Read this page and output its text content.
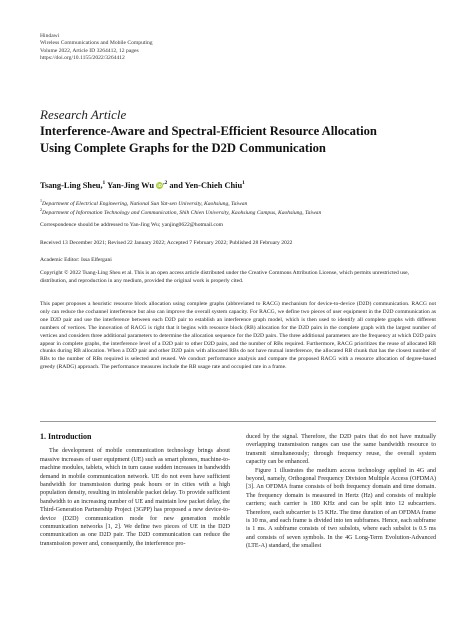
Hindawi
Wireless Communications and Mobile Computing
Volume 2022, Article ID 3264412, 12 pages
https://doi.org/10.1155/2022/3264412
Research Article
Interference-Aware and Spectral-Efficient Resource Allocation
Using Complete Graphs for the D2D Communication
Tsang-Ling Sheu,$^1$ Yan-Jing Wu $iD^{,2}$ and Yen-Chieh Chiu$^1$
$^1$Department of Electrical Engineering, National Sun Yat-sen University, Kaohsiung, Taiwan
$^2$Department of Information Technology and Communication, Shih Chien University, Kaohsiung Campus, Kaohsiung, Taiwan
Correspondence should be addressed to Yan-Jing Wu; yanjing0622@hotmail.com
Received 13 December 2021; Revised 22 January 2022; Accepted 7 February 2022; Published 28 February 2022
Academic Editor: Issa Elfergani
Copyright © 2022 Tsang-Ling Sheu et al. This is an open access article distributed under the Creative Commons Attribution License, which permits unrestricted use, distribution, and reproduction in any medium, provided the original work is properly cited.
This paper proposes a heuristic resource block allocation using complete graphs (abbreviated to RACG) mechanism for device-to-device (D2D) communication. RACG not only can reduce the cochannel interference but also can improve the overall system capacity. For RACG, we define two pieces of user equipment in the D2D communication as one D2D pair and use the interference between each D2D pair to establish an interference graph model, which is then used to identify all complete graphs with different numbers of vertices. The innovation of RACG is right that it begins with resource block (RB) allocation for the D2D pairs in the complete graph with the largest number of vertices and considers three additional parameters to determine the allocation sequence for the D2D pairs. The three additional parameters are the frequency at which D2D pairs appear in complete graphs, the interference level of a D2D pair to other D2D pairs, and the number of RBs required. Furthermore, RACG prioritizes the reuse of allocated RB chunks during RB allocation. When a D2D pair and other D2D pairs with allocated RBs do not have mutual interference, the allocated RB chunk that has the closest number of RBs to the number of RBs required is selected and reused. We conduct performance analysis and compare the proposed RACG with a resource allocation of degree-based greedy (RADG) approach. The performance measures include the RB usage rate and occupied rate in a frame.
1. Introduction

The development of mobile communication technology brings about massive increases of user equipment (UE) such as smart phones, machine-to-machine modules, tablets, which in turn cause sudden increases in bandwidth demand in mobile communication network. UE do not even have sufficient bandwidth for transmission during peak hours or in cities with a high population density, resulting in intolerable packet delay. To provide sufficient bandwidth to an increasing number of UE and maintain low packet delay, the Third-Generation Partnership Project (3GPP) has proposed a new device-to-device (D2D) communication mode for new generation mobile communication networks [1, 2]. We define two pieces of UE in the D2D communication as one D2D pair. The D2D communication can reduce the transmission power and, consequently, the interference pro-

duced by the signal. Therefore, the D2D pairs that do not have mutually overlapping transmission ranges can use the same bandwidth resource to transmit simultaneously; through frequency reuse, the overall system capacity can be enhanced.

Figure 1 illustrates the medium access technology applied in 4G and beyond, namely, Orthogonal Frequency Division Multiple Access (OFDMA) [3]. An OFDMA frame consists of both frequency domain and time domain. The frequency domain is measured in Hertz (Hz) and consists of multiple carriers; each carrier is 180 KHz and can be split into 12 subcarriers. Therefore, each subcarrier is 15 KHz. The time duration of an OFDMA frame is 10 ms, and each frame is divided into ten subframes. Hence, each subframe is 1 ms. A subframe consists of two subslots, where each subslot is 0.5 ms and consists of seven symbols. In the 4G Long-Term Evolution-Advanced (LTE-A) standard, the smallest
